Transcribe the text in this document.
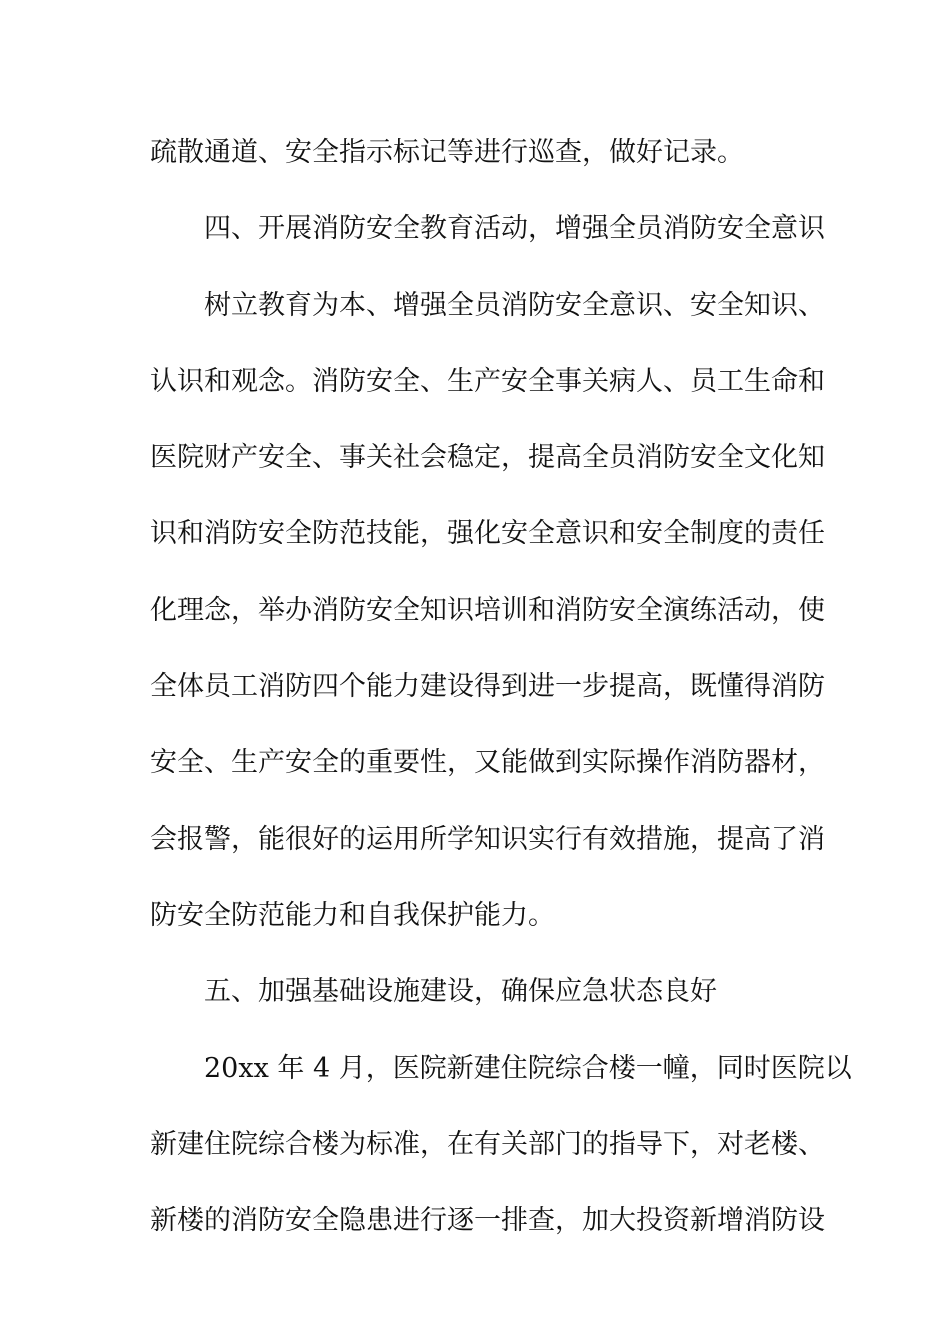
疏散通道、安全指示标记等进行巡查，做好记录。
四、开展消防安全教育活动，增强全员消防安全意识
树立教育为本、增强全员消防安全意识、安全知识、
认识和观念。消防安全、生产安全事关病人、员工生命和
医院财产安全、事关社会稳定，提高全员消防安全文化知
识和消防安全防范技能，强化安全意识和安全制度的责任
化理念，举办消防安全知识培训和消防安全演练活动，使
全体员工消防四个能力建设得到进一步提高，既懂得消防
安全、生产安全的重要性，又能做到实际操作消防器材，
会报警，能很好的运用所学知识实行有效措施，提高了消
防安全防范能力和自我保护能力。
五、加强基础设施建设，确保应急状态良好
20xx 年 4 月，医院新建住院综合楼一幢，同时医院以
新建住院综合楼为标准，在有关部门的指导下，对老楼、
新楼的消防安全隐患进行逐一排查，加大投资新增消防设
